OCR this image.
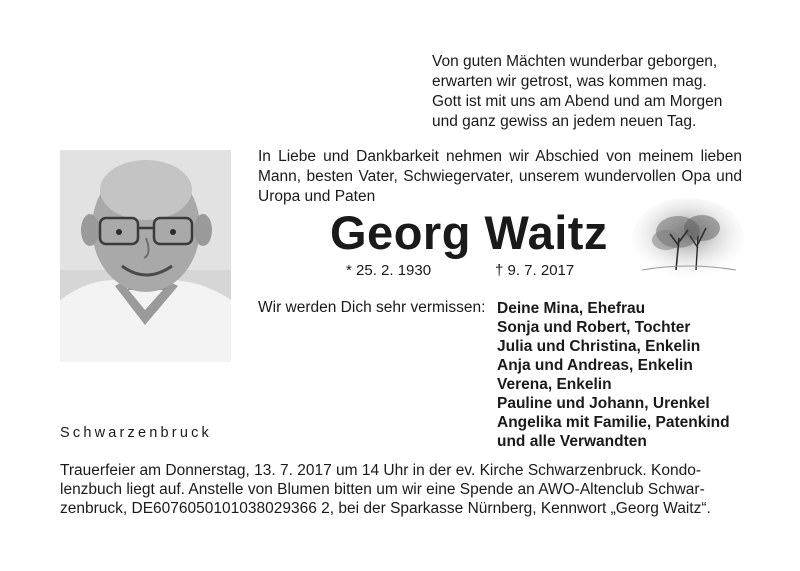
Von guten Mächten wunderbar geborgen,
erwarten wir getrost, was kommen mag.
Gott ist mit uns am Abend und am Morgen
und ganz gewiss an jedem neuen Tag.
In Liebe und Dankbarkeit nehmen wir Abschied von meinem lieben Mann, besten Vater, Schwiegervater, unserem wundervollen Opa und Uropa und Paten
Georg Waitz
* 25. 2. 1930	† 9. 7. 2017
Wir werden Dich sehr vermissen: Deine Mina, Ehefrau
Sonja und Robert, Tochter
Julia und Christina, Enkelin
Anja und Andreas, Enkelin
Verena, Enkelin
Pauline und Johann, Urenkel
Angelika mit Familie, Patenkind
und alle Verwandten
Schwarzenbruck
Trauerfeier am Donnerstag, 13. 7. 2017 um 14 Uhr in der ev. Kirche Schwarzenbruck. Kondo-
lenzbuch liegt auf. Anstelle von Blumen bitten um wir eine Spende an AWO-Altenclub Schwar-
zenbruck, DE6076050101038029366 2, bei der Sparkasse Nürnberg, Kennwort „Georg Waitz“.
